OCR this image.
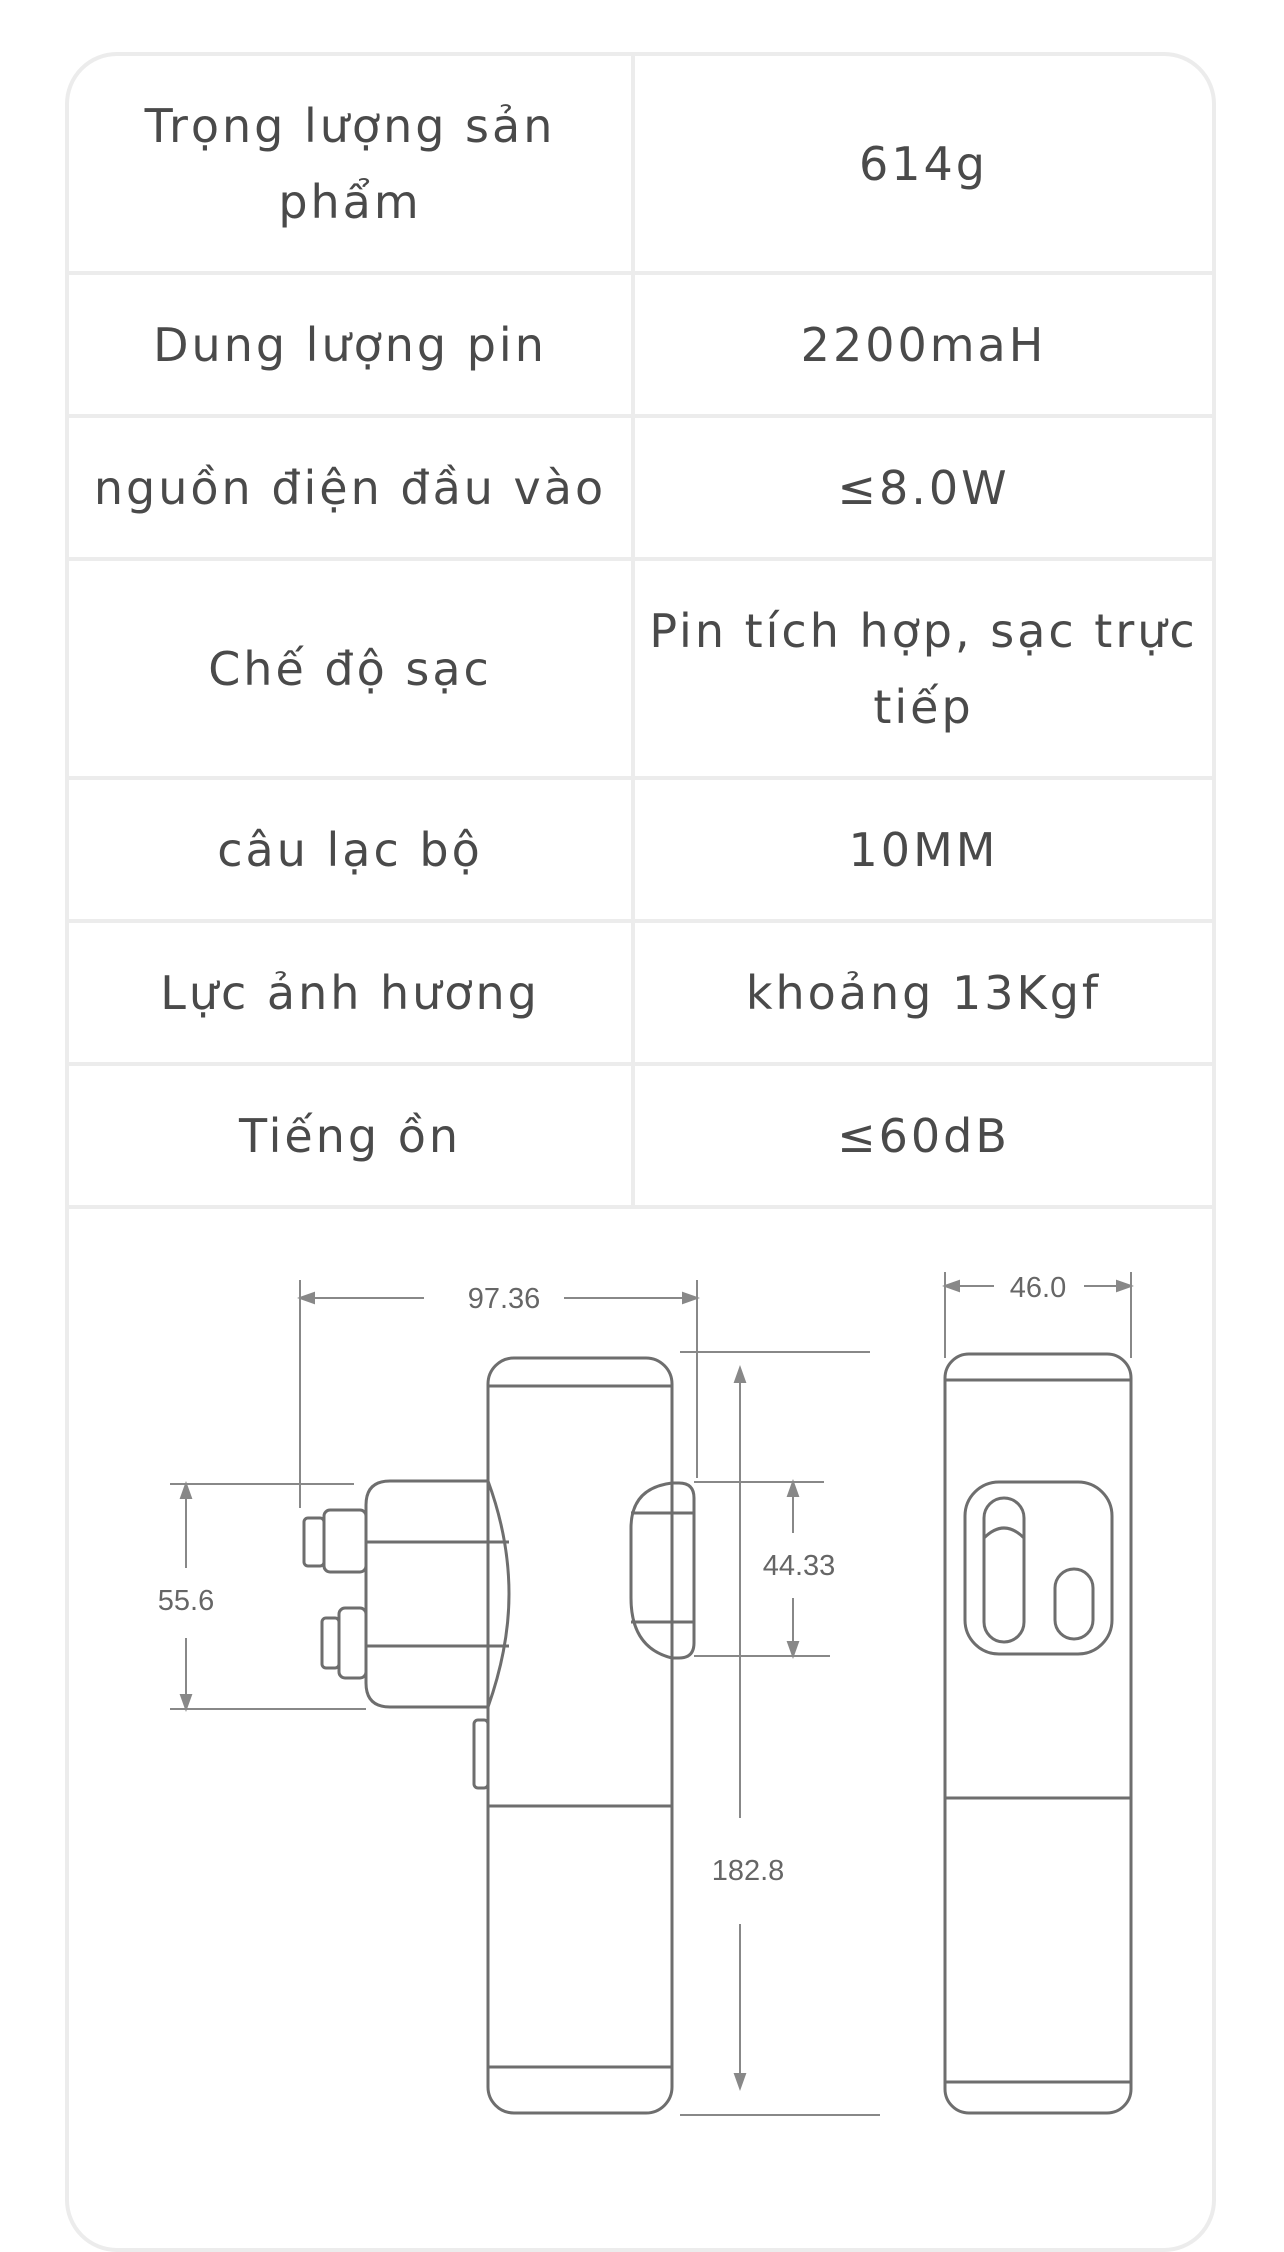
Trọng lượng sản phẩm	614g
Dung lượng pin	2200maH
nguồn điện đầu vào	≤8.0W
Chế độ sạc	Pin tích hợp, sạc trực tiếp
câu lạc bộ	10MM
Lực ảnh hương	khoảng 13Kgf
Tiếng ồn	≤60dB
97.36	46.0
55.6
44.33
182.8
